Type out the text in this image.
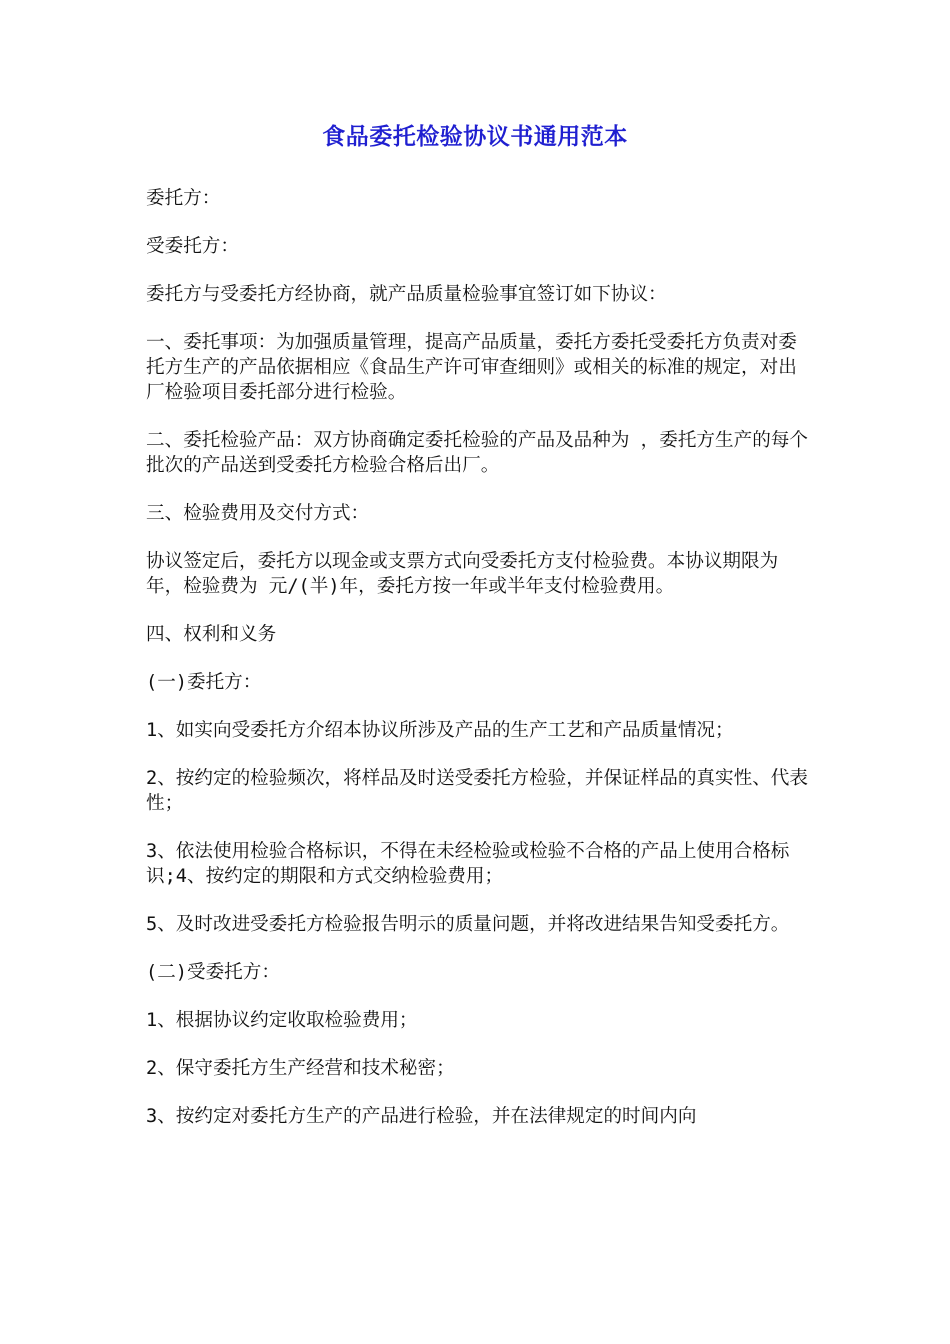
食品委托检验协议书通用范本

委托方：

受委托方：

委托方与受委托方经协商，就产品质量检验事宜签订如下协议：

一、委托事项：为加强质量管理，提高产品质量，委托方委托受委托方负责对委托方生产的产品依据相应《食品生产许可审查细则》或相关的标准的规定，对出厂检验项目委托部分进行检验。

二、委托检验产品：双方协商确定委托检验的产品及品种为 ，委托方生产的每个批次的产品送到受委托方检验合格后出厂。

三、检验费用及交付方式：

协议签定后，委托方以现金或支票方式向受委托方支付检验费。本协议期限为 年，检验费为 元/(半)年，委托方按一年或半年支付检验费用。

四、权利和义务

(一)委托方：

1、如实向受委托方介绍本协议所涉及产品的生产工艺和产品质量情况；

2、按约定的检验频次，将样品及时送受委托方检验，并保证样品的真实性、代表性；

3、依法使用检验合格标识，不得在未经检验或检验不合格的产品上使用合格标识;4、按约定的期限和方式交纳检验费用；

5、及时改进受委托方检验报告明示的质量问题，并将改进结果告知受委托方。

(二)受委托方：

1、根据协议约定收取检验费用；

2、保守委托方生产经营和技术秘密；

3、按约定对委托方生产的产品进行检验，并在法律规定的时间内向
